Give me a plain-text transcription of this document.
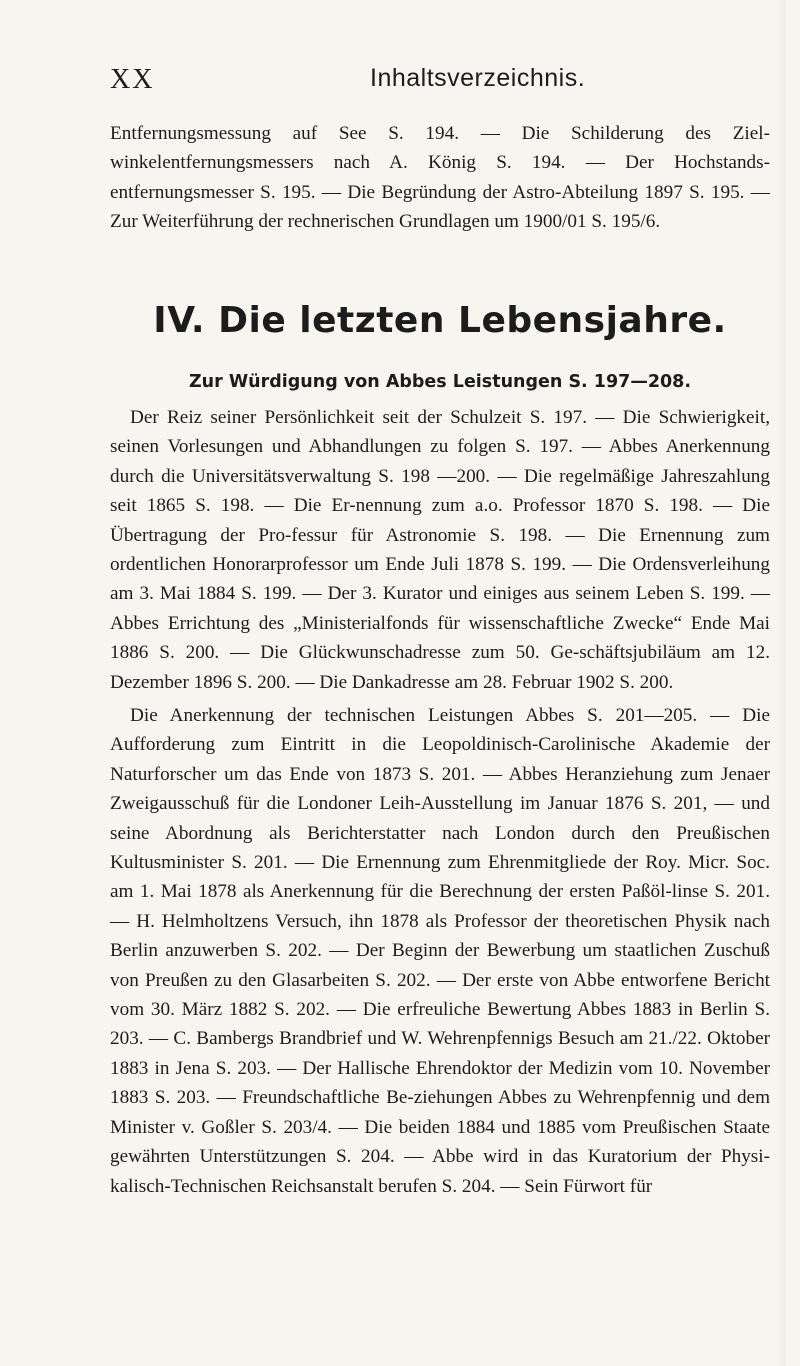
XX	Inhaltsverzeichnis.

Entfernungsmessung auf See S. 194. — Die Schilderung des Ziel-winkelentfernungsmessers nach A. König S. 194. — Der Hochstands-entfernungsmesser S. 195. — Die Begründung der Astro-Abteilung 1897 S. 195. — Zur Weiterführung der rechnerischen Grundlagen um 1900/01 S. 195/6.

IV. Die letzten Lebensjahre.
Zur Würdigung von Abbes Leistungen S. 197—208.

Der Reiz seiner Persönlichkeit seit der Schulzeit S. 197. — Die Schwierigkeit, seinen Vorlesungen und Abhandlungen zu folgen S. 197. — Abbes Anerkennung durch die Universitätsverwaltung S. 198 —200. — Die regelmäßige Jahreszahlung seit 1865 S. 198. — Die Er-nennung zum a.o. Professor 1870 S. 198. — Die Übertragung der Pro-fessur für Astronomie S. 198. — Die Ernennung zum ordentlichen Honorarprofessor um Ende Juli 1878 S. 199. — Die Ordensverleihung am 3. Mai 1884 S. 199. — Der 3. Kurator und einiges aus seinem Leben S. 199. — Abbes Errichtung des „Ministerialfonds für wissenschaftliche Zwecke“ Ende Mai 1886 S. 200. — Die Glückwunschadresse zum 50. Ge-schäftsjubiläum am 12. Dezember 1896 S. 200. — Die Dankadresse am 28. Februar 1902 S. 200.

Die Anerkennung der technischen Leistungen Abbes S. 201—205. — Die Aufforderung zum Eintritt in die Leopoldinisch-Carolinische Akademie der Naturforscher um das Ende von 1873 S. 201. — Abbes Heranziehung zum Jenaer Zweigausschuß für die Londoner Leih-Ausstellung im Januar 1876 S. 201, — und seine Abordnung als Berichterstatter nach London durch den Preußischen Kultusminister S. 201. — Die Ernennung zum Ehrenmitgliede der Roy. Micr. Soc. am 1. Mai 1878 als Anerkennung für die Berechnung der ersten Paßöl-linse S. 201. — H. Helmholtzens Versuch, ihn 1878 als Professor der theoretischen Physik nach Berlin anzuwerben S. 202. — Der Beginn der Bewerbung um staatlichen Zuschuß von Preußen zu den Glasarbeiten S. 202. — Der erste von Abbe entworfene Bericht vom 30. März 1882 S. 202. — Die erfreuliche Bewertung Abbes 1883 in Berlin S. 203. — C. Bambergs Brandbrief und W. Wehrenpfennigs Besuch am 21./22. Oktober 1883 in Jena S. 203. — Der Hallische Ehrendoktor der Medizin vom 10. November 1883 S. 203. — Freundschaftliche Be-ziehungen Abbes zu Wehrenpfennig und dem Minister v. Goßler S. 203/4. — Die beiden 1884 und 1885 vom Preußischen Staate gewährten Unterstützungen S. 204. — Abbe wird in das Kuratorium der Physi-kalisch-Technischen Reichsanstalt berufen S. 204. — Sein Fürwort für
